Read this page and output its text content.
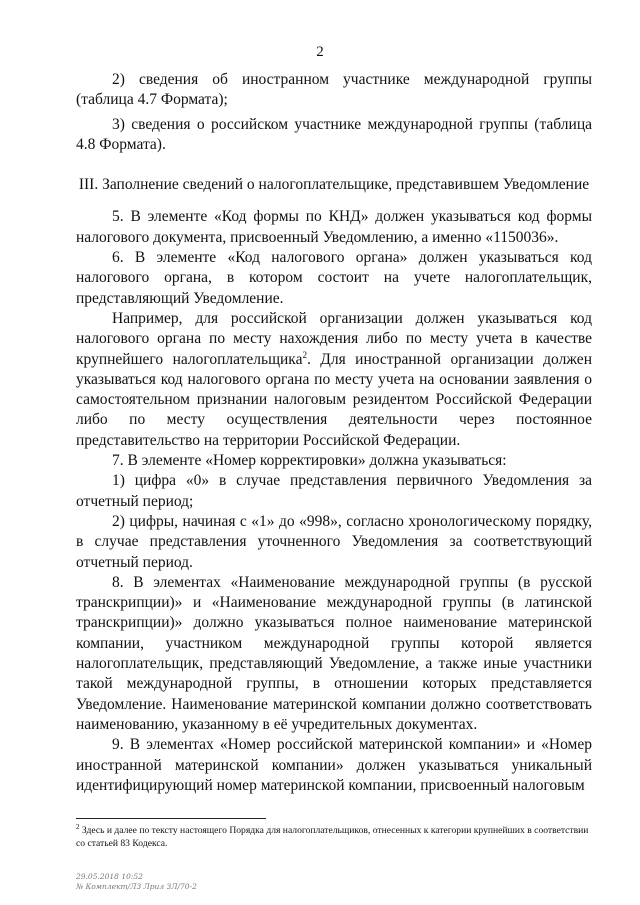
2

2) сведения об иностранном участнике международной группы (таблица 4.7 Формата);

3) сведения о российском участнике международной группы (таблица 4.8 Формата).

III. Заполнение сведений о налогоплательщике, представившем Уведомление

5. В элементе «Код формы по КНД» должен указываться код формы налогового документа, присвоенный Уведомлению, а именно «1150036».

6. В элементе «Код налогового органа» должен указываться код налогового органа, в котором состоит на учете налогоплательщик, представляющий Уведомление.

Например, для российской организации должен указываться код налогового органа по месту нахождения либо по месту учета в качестве крупнейшего налогоплательщика$^2$. Для иностранной организации должен указываться код налогового органа по месту учета на основании заявления о самостоятельном признании налоговым резидентом Российской Федерации либо по месту осуществления деятельности через постоянное представительство на территории Российской Федерации.

7. В элементе «Номер корректировки» должна указываться:

1) цифра «0» в случае представления первичного Уведомления за отчетный период;

2) цифры, начиная с «1» до «998», согласно хронологическому порядку, в случае представления уточненного Уведомления за соответствующий отчетный период.

8. В элементах «Наименование международной группы (в русской транскрипции)» и «Наименование международной группы (в латинской транскрипции)» должно указываться полное наименование материнской компании, участником международной группы которой является налогоплательщик, представляющий Уведомление, а также иные участники такой международной группы, в отношении которых представляется Уведомление. Наименование материнской компании должно соответствовать наименованию, указанному в её учредительных документах.

9. В элементах «Номер российской материнской компании» и «Номер иностранной материнской компании» должен указываться уникальный идентифицирующий номер материнской компании, присвоенный налоговым

$^2$ Здесь и далее по тексту настоящего Порядка для налогоплательщиков, отнесенных к категории крупнейших в соответствии со статьей 83 Кодекса.
29.05.2018 10:52
№ Комплект/ЛЗ Лрил ЗЛ/70-2
